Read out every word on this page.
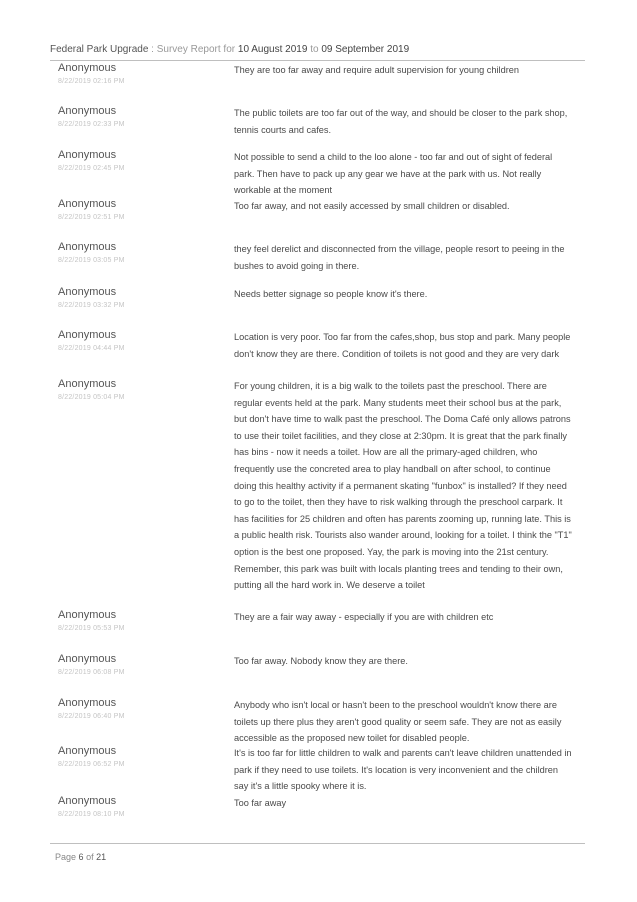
Federal Park Upgrade : Survey Report for 10 August 2019 to 09 September 2019
Anonymous
8/22/2019 02:16 PM
They are too far away and require adult supervision for young children
Anonymous
8/22/2019 02:33 PM
The public toilets are too far out of the way, and should be closer to the park shop, tennis courts and cafes.
Anonymous
8/22/2019 02:45 PM
Not possible to send a child to the loo alone - too far and out of sight of federal park. Then have to pack up any gear we have at the park with us. Not really workable at the moment
Anonymous
8/22/2019 02:51 PM
Too far away, and not easily accessed by small children or disabled.
Anonymous
8/22/2019 03:05 PM
they feel derelict and disconnected from the village, people resort to peeing in the bushes to avoid going in there.
Anonymous
8/22/2019 03:32 PM
Needs better signage so people know it's there.
Anonymous
8/22/2019 04:44 PM
Location is very poor. Too far from the cafes,shop, bus stop and park. Many people don't know they are there. Condition of toilets is not good and they are very dark
Anonymous
8/22/2019 05:04 PM
For young children, it is a big walk to the toilets past the preschool. There are regular events held at the park. Many students meet their school bus at the park, but don't have time to walk past the preschool. The Doma Café only allows patrons to use their toilet facilities, and they close at 2:30pm. It is great that the park finally has bins - now it needs a toilet. How are all the primary-aged children, who frequently use the concreted area to play handball on after school, to continue doing this healthy activity if a permanent skating "funbox" is installed? If they need to go to the toilet, then they have to risk walking through the preschool carpark. It has facilities for 25 children and often has parents zooming up, running late. This is a public health risk. Tourists also wander around, looking for a toilet. I think the "T1" option is the best one proposed. Yay, the park is moving into the 21st century. Remember, this park was built with locals planting trees and tending to their own, putting all the hard work in. We deserve a toilet
Anonymous
8/22/2019 05:53 PM
They are a fair way away - especially if you are with children etc
Anonymous
8/22/2019 06:08 PM
Too far away. Nobody know they are there.
Anonymous
8/22/2019 06:40 PM
Anybody who isn't local or hasn't been to the preschool wouldn't know there are toilets up there plus they aren't good quality or seem safe. They are not as easily accessible as the proposed new toilet for disabled people.
Anonymous
8/22/2019 06:52 PM
It's is too far for little children to walk and parents can't leave children unattended in park if they need to use toilets. It's location is very inconvenient and the children say it's a little spooky where it is.
Anonymous
8/22/2019 08:10 PM
Too far away
Page 6 of 21
